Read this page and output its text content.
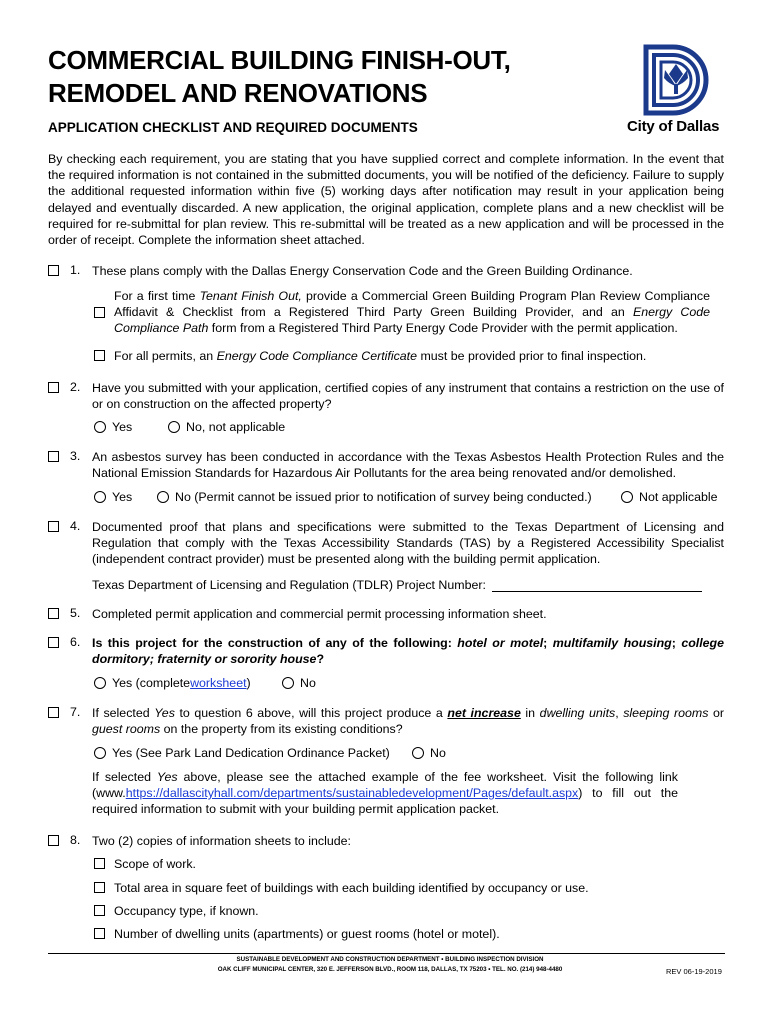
COMMERCIAL BUILDING FINISH-OUT,
REMODEL AND RENOVATIONS
APPLICATION CHECKLIST AND REQUIRED DOCUMENTS	City of Dallas
By checking each requirement, you are stating that you have supplied correct and complete information. In the event that the required information is not contained in the submitted documents, you will be notified of the deficiency. Failure to supply the additional requested information within five (5) working days after notification may result in your application being delayed and eventually discarded. A new application, the original application, complete plans and a new checklist will be required for re-submittal for plan review. This re-submittal will be treated as a new application and will be processed in the order of receipt. Complete the information sheet attached.
1. These plans comply with the Dallas Energy Conservation Code and the Green Building Ordinance.
For a first time Tenant Finish Out, provide a Commercial Green Building Program Plan Review Compliance Affidavit & Checklist from a Registered Third Party Green Building Provider, and an Energy Code Compliance Path form from a Registered Third Party Energy Code Provider with the permit application.
For all permits, an Energy Code Compliance Certificate must be provided prior to final inspection.
2. Have you submitted with your application, certified copies of any instrument that contains a restriction on the use of or on construction on the affected property?
Yes	No, not applicable
3. An asbestos survey has been conducted in accordance with the Texas Asbestos Health Protection Rules and the National Emission Standards for Hazardous Air Pollutants for the area being renovated and/or demolished.
Yes	No (Permit cannot be issued prior to notification of survey being conducted.)	Not applicable
4. Documented proof that plans and specifications were submitted to the Texas Department of Licensing and Regulation that comply with the Texas Accessibility Standards (TAS) by a Registered Accessibility Specialist (independent contract provider) must be presented along with the building permit application.
Texas Department of Licensing and Regulation (TDLR) Project Number:
5. Completed permit application and commercial permit processing information sheet.
6. Is this project for the construction of any of the following: hotel or motel; multifamily housing; college dormitory; fraternity or sorority house?
Yes (complete worksheet )	No
7. If selected Yes to question 6 above, will this project produce a net increase in dwelling units, sleeping rooms or guest rooms on the property from its existing conditions?
Yes (See Park Land Dedication Ordinance Packet)	No
If selected Yes above, please see the attached example of the fee worksheet. Visit the following link (www.https://dallascityhall.com/departments/sustainabledevelopment/Pages/default.aspx) to fill out the required information to submit with your building permit application packet.
8. Two (2) copies of information sheets to include:
Scope of work.
Total area in square feet of buildings with each building identified by occupancy or use.
Occupancy type, if known.
Number of dwelling units (apartments) or guest rooms (hotel or motel).
SUSTAINABLE DEVELOPMENT AND CONSTRUCTION DEPARTMENT • BUILDING INSPECTION DIVISION
OAK CLIFF MUNICIPAL CENTER, 320 E. JEFFERSON BLVD., ROOM 118, DALLAS, TX 75203 • TEL. NO. (214) 948-4480	REV 06-19-2019
